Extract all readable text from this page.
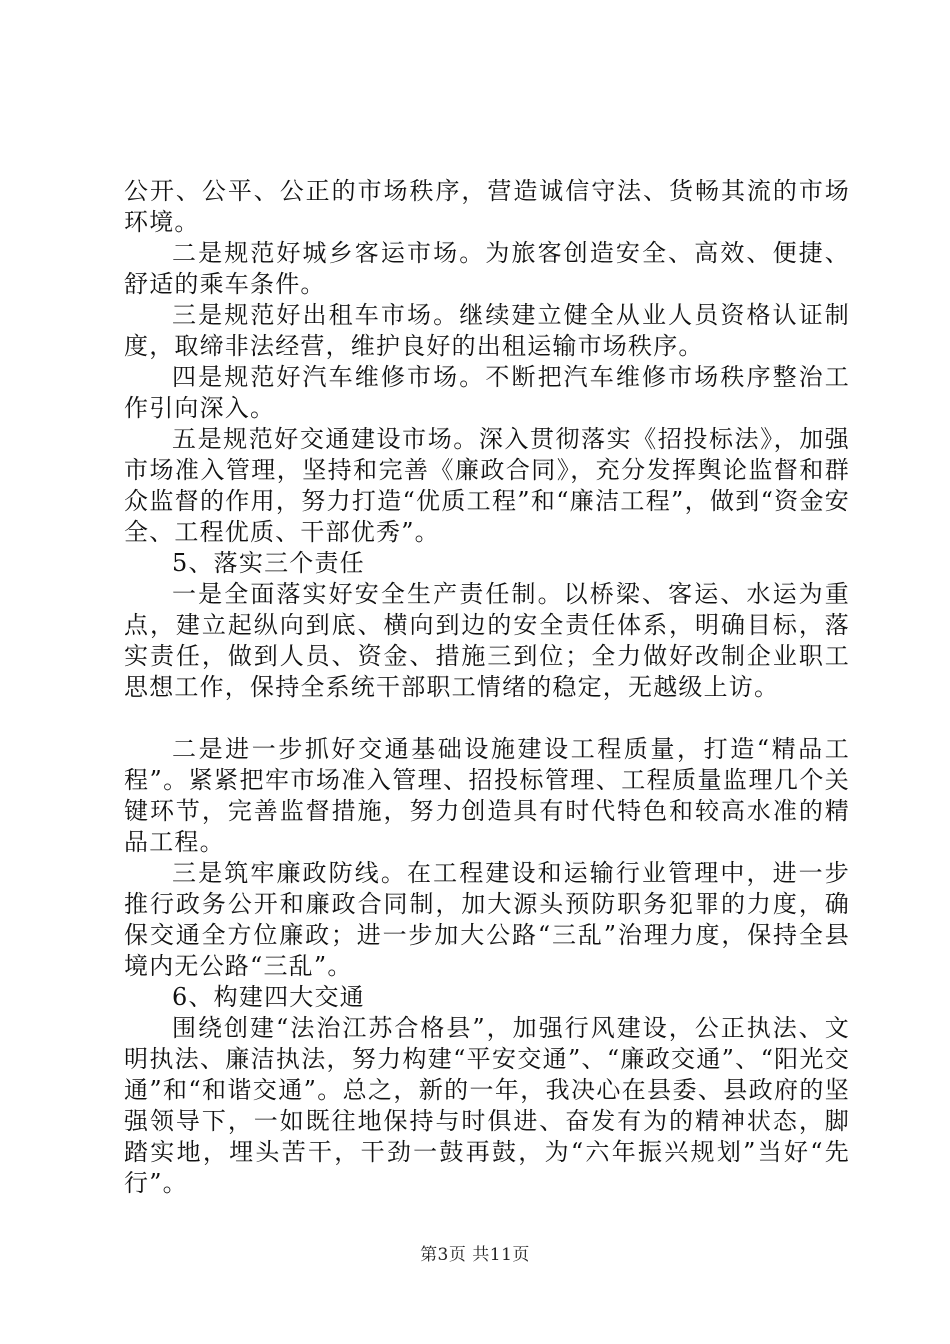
公开、公平、公正的市场秩序，营造诚信守法、货畅其流的市场环境。

二是规范好城乡客运市场。为旅客创造安全、高效、便捷、舒适的乘车条件。

三是规范好出租车市场。继续建立健全从业人员资格认证制度，取缔非法经营，维护良好的出租运输市场秩序。

四是规范好汽车维修市场。不断把汽车维修市场秩序整治工作引向深入。

五是规范好交通建设市场。深入贯彻落实《招投标法》，加强市场准入管理，坚持和完善《廉政合同》，充分发挥舆论监督和群众监督的作用，努力打造“优质工程”和“廉洁工程”，做到“资金安全、工程优质、干部优秀”。

5、落实三个责任

一是全面落实好安全生产责任制。以桥梁、客运、水运为重点，建立起纵向到底、横向到边的安全责任体系，明确目标，落实责任，做到人员、资金、措施三到位；全力做好改制企业职工思想工作，保持全系统干部职工情绪的稳定，无越级上访。

二是进一步抓好交通基础设施建设工程质量，打造“精品工程”。紧紧把牢市场准入管理、招投标管理、工程质量监理几个关键环节，完善监督措施，努力创造具有时代特色和较高水准的精品工程。

三是筑牢廉政防线。在工程建设和运输行业管理中，进一步推行政务公开和廉政合同制，加大源头预防职务犯罪的力度，确保交通全方位廉政；进一步加大公路“三乱”治理力度，保持全县境内无公路“三乱”。

6、构建四大交通

围绕创建“法治江苏合格县”，加强行风建设，公正执法、文明执法、廉洁执法，努力构建“平安交通”、“廉政交通”、“阳光交通”和“和谐交通”。总之，新的一年，我决心在县委、县政府的坚强领导下，一如既往地保持与时俱进、奋发有为的精神状态，脚踏实地，埋头苦干，干劲一鼓再鼓，为“六年振兴规划”当好“先行”。

第3页 共11页
